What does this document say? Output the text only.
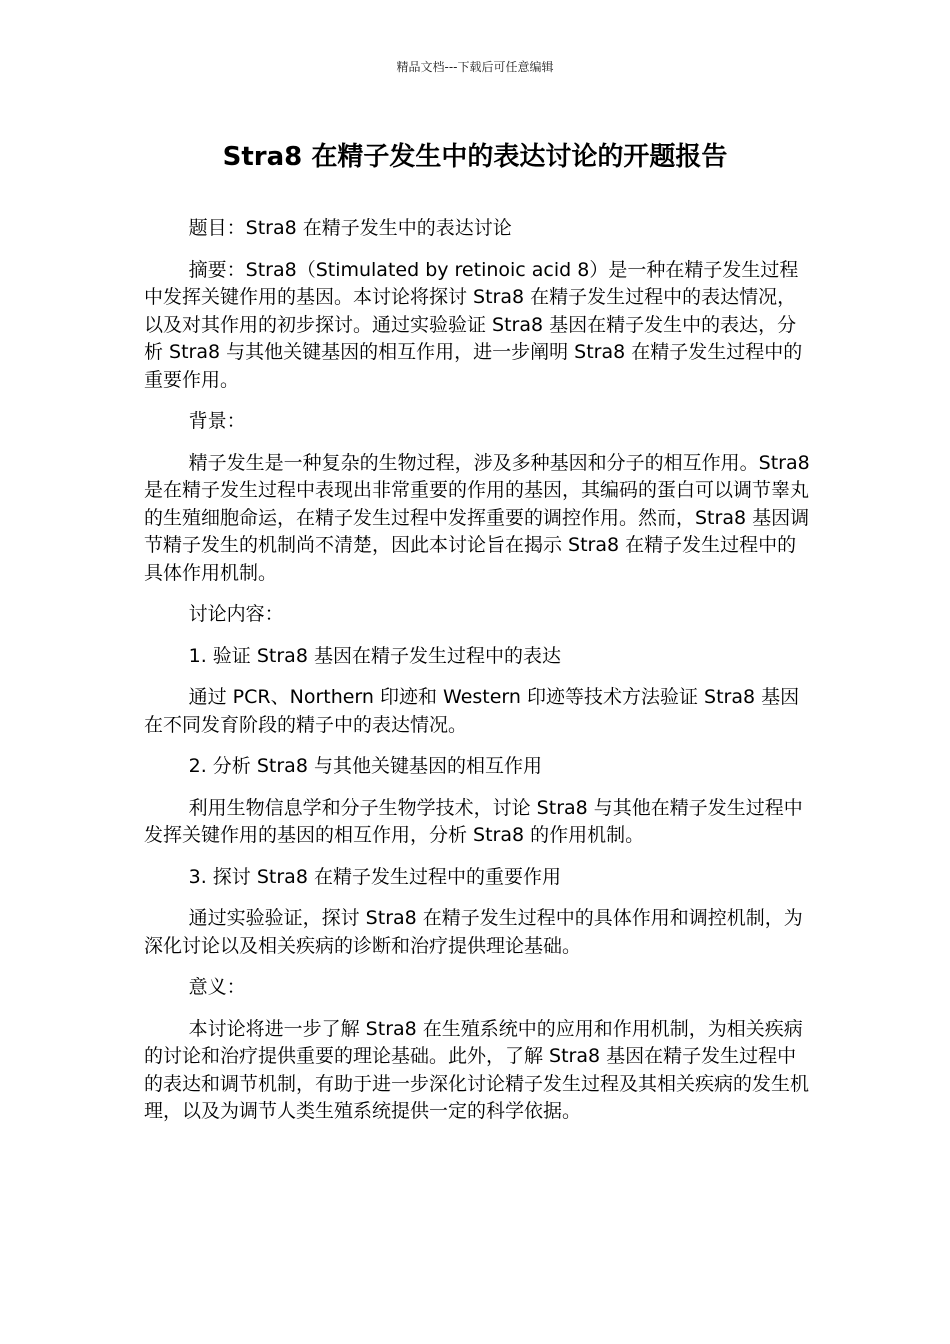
精品文档---下载后可任意编辑
Stra8 在精子发生中的表达讨论的开题报告

题目：Stra8 在精子发生中的表达讨论

摘要：Stra8（Stimulated by retinoic acid 8）是一种在精子发生过程中发挥关键作用的基因。本讨论将探讨 Stra8 在精子发生过程中的表达情况，以及对其作用的初步探讨。通过实验验证 Stra8 基因在精子发生中的表达，分析 Stra8 与其他关键基因的相互作用，进一步阐明 Stra8 在精子发生过程中的重要作用。

背景：

精子发生是一种复杂的生物过程，涉及多种基因和分子的相互作用。Stra8 是在精子发生过程中表现出非常重要的作用的基因，其编码的蛋白可以调节睾丸的生殖细胞命运，在精子发生过程中发挥重要的调控作用。然而，Stra8 基因调节精子发生的机制尚不清楚，因此本讨论旨在揭示 Stra8 在精子发生过程中的具体作用机制。

讨论内容：

1. 验证 Stra8 基因在精子发生过程中的表达

通过 PCR、Northern 印迹和 Western 印迹等技术方法验证 Stra8 基因在不同发育阶段的精子中的表达情况。

2. 分析 Stra8 与其他关键基因的相互作用

利用生物信息学和分子生物学技术，讨论 Stra8 与其他在精子发生过程中发挥关键作用的基因的相互作用，分析 Stra8 的作用机制。

3. 探讨 Stra8 在精子发生过程中的重要作用

通过实验验证，探讨 Stra8 在精子发生过程中的具体作用和调控机制，为深化讨论以及相关疾病的诊断和治疗提供理论基础。

意义：

本讨论将进一步了解 Stra8 在生殖系统中的应用和作用机制，为相关疾病的讨论和治疗提供重要的理论基础。此外，了解 Stra8 基因在精子发生过程中的表达和调节机制，有助于进一步深化讨论精子发生过程及其相关疾病的发生机理，以及为调节人类生殖系统提供一定的科学依据。
